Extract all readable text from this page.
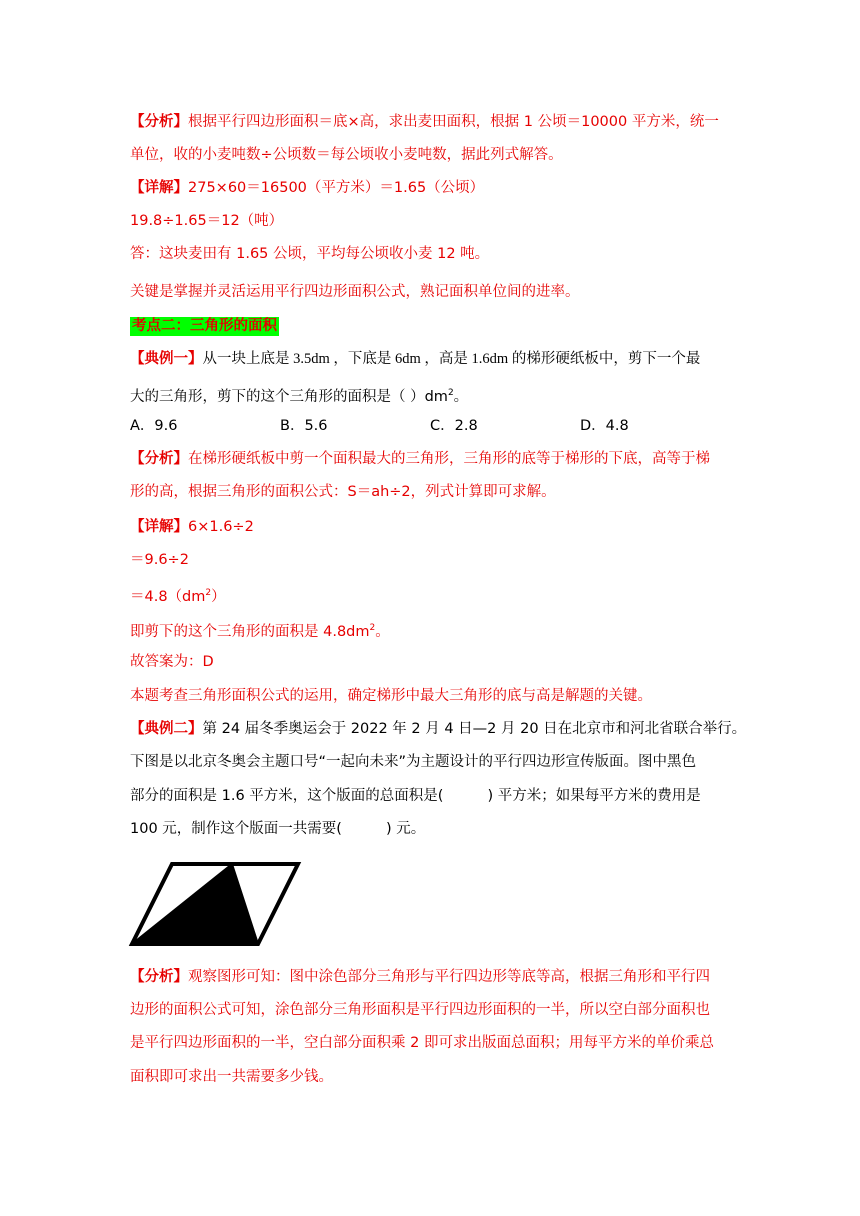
【分析】根据平行四边形面积＝底×高，求出麦田面积，根据 1 公顷＝10000 平方米，统一
单位，收的小麦吨数÷公顷数＝每公顷收小麦吨数，据此列式解答。
【详解】275×60＝16500（平方米）＝1.65（公顷）
19.8÷1.65＝12（吨）
答：这块麦田有 1.65 公顷，平均每公顷收小麦 12 吨。
关键是掌握并灵活运用平行四边形面积公式，熟记面积单位间的进率。
考点二：三角形的面积
【典例一】从一块上底是 3.5dm ，下底是 6dm ，高是 1.6dm 的梯形硬纸板中，剪下一个最
大的三角形，剪下的这个三角形的面积是（ ）$dm^2$。
A．9.6	B．5.6	C．2.8	D．4.8
【分析】在梯形硬纸板中剪一个面积最大的三角形，三角形的底等于梯形的下底，高等于梯
形的高，根据三角形的面积公式：S＝ah÷2，列式计算即可求解。
【详解】6×1.6÷2
＝9.6÷2
$=4.8(dm^2)$
即剪下的这个三角形的面积是 $4.8dm^2$。
故答案为：D
本题考查三角形面积公式的运用，确定梯形中最大三角形的底与高是解题的关键。
【典例二】第 24 届冬季奥运会于 2022 年 2 月 4 日—2 月 20 日在北京市和河北省联合举行。
下图是以北京冬奥会主题口号“一起向未来”为主题设计的平行四边形宣传版面。图中黑色
部分的面积是 1.6 平方米，这个版面的总面积是(	) 平方米；如果每平方米的费用是
100 元，制作这个版面一共需要(	) 元。
【分析】观察图形可知：图中涂色部分三角形与平行四边形等底等高，根据三角形和平行四
边形的面积公式可知，涂色部分三角形面积是平行四边形面积的一半，所以空白部分面积也
是平行四边形面积的一半，空白部分面积乘 2 即可求出版面总面积；用每平方米的单价乘总
面积即可求出一共需要多少钱。
